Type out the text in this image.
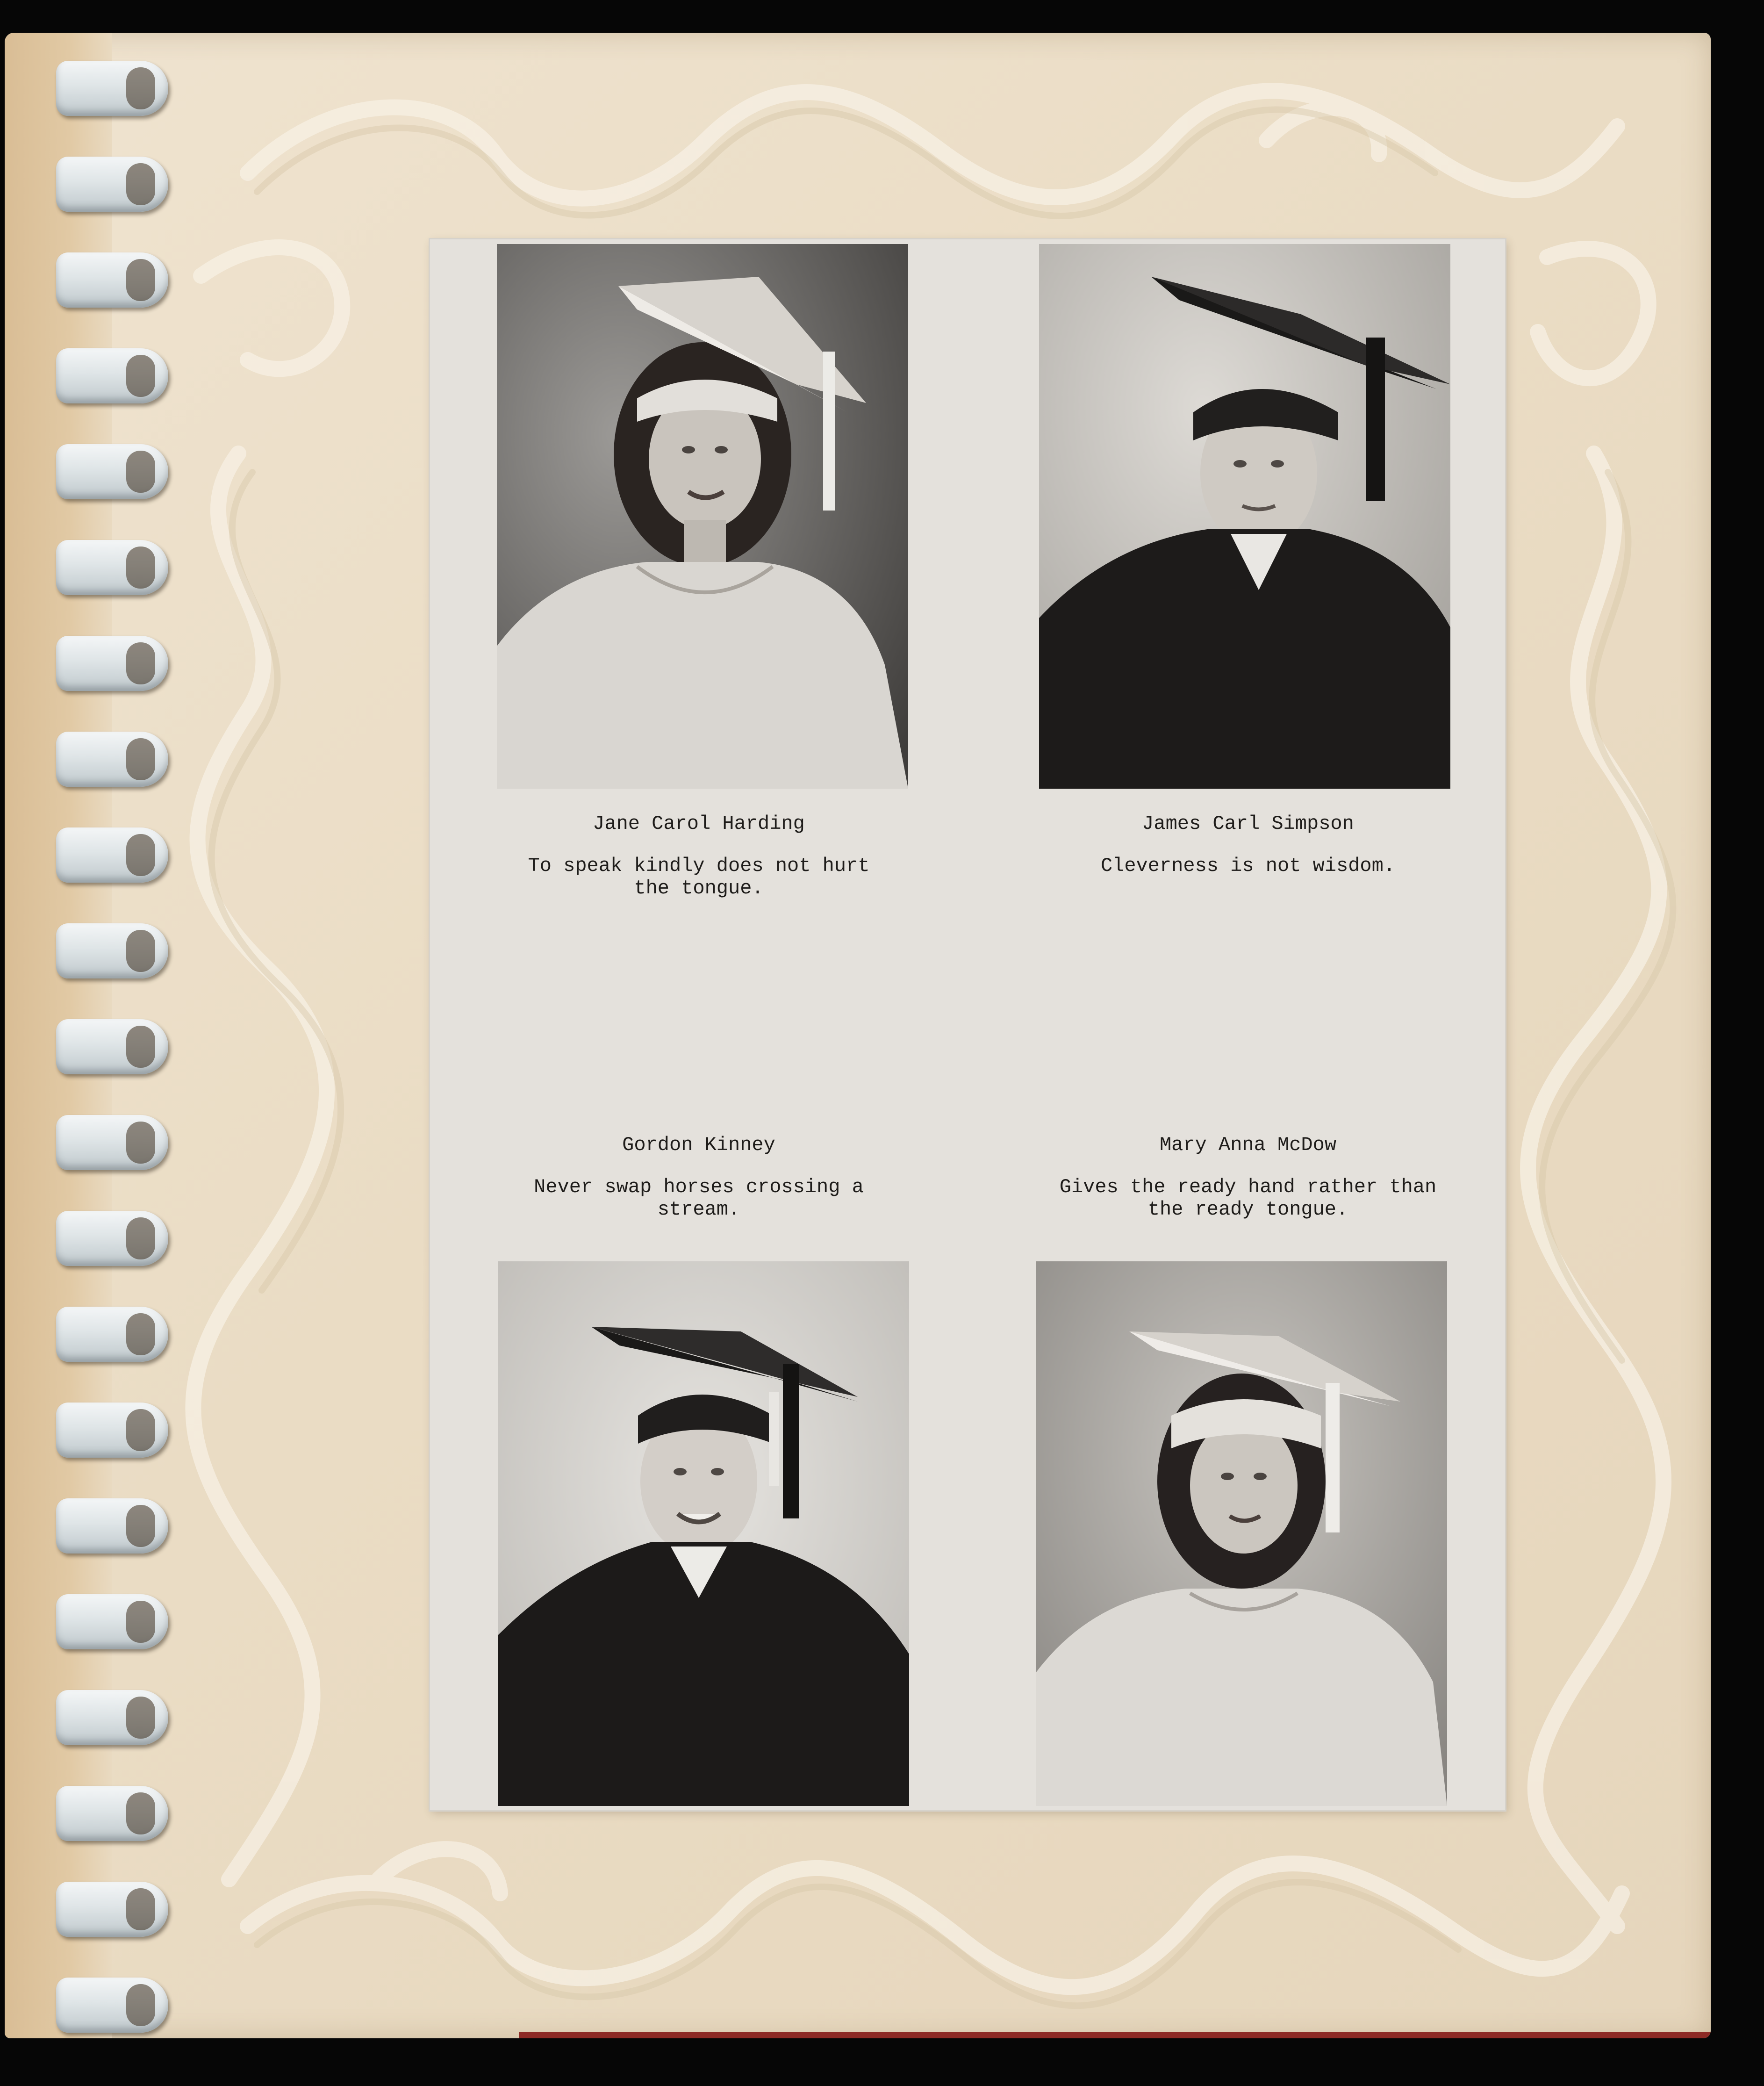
Jane Carol Harding
To speak kindly does not hurt
the tongue.
James Carl Simpson
Cleverness is not wisdom.
Gordon Kinney
Never swap horses crossing a
stream.
Mary Anna McDow
Gives the ready hand rather than
the ready tongue.
